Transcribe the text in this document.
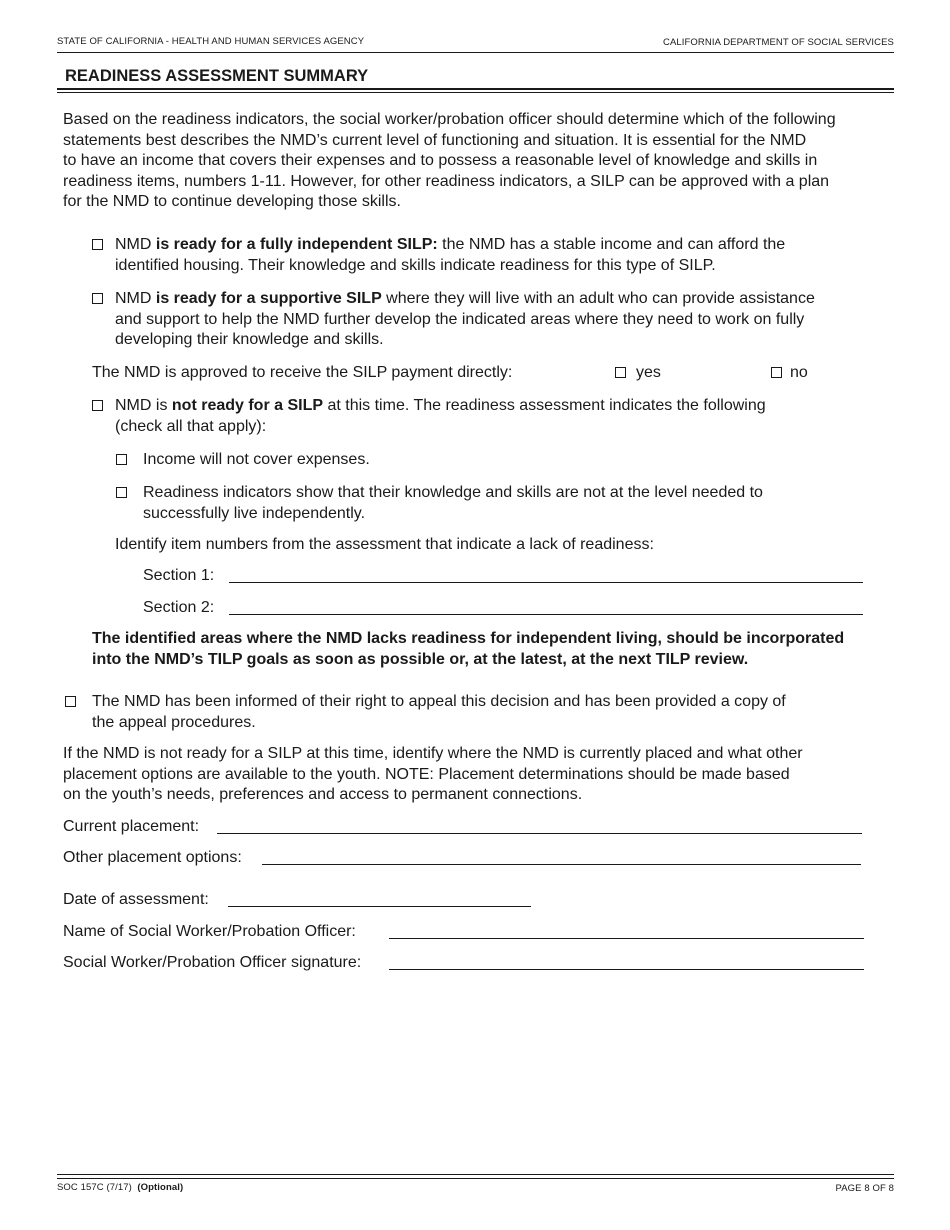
STATE OF CALIFORNIA - HEALTH AND HUMAN SERVICES AGENCY	CALIFORNIA DEPARTMENT OF SOCIAL SERVICES
READINESS ASSESSMENT SUMMARY
Based on the readiness indicators, the social worker/probation officer should determine which of the following
statements best describes the NMD’s current level of functioning and situation. It is essential for the NMD
to have an income that covers their expenses and to possess a reasonable level of knowledge and skills in
readiness items, numbers 1-11. However, for other readiness indicators, a SILP can be approved with a plan
for the NMD to continue developing those skills.
NMD is ready for a fully independent SILP: the NMD has a stable income and can afford the
identified housing. Their knowledge and skills indicate readiness for this type of SILP.
NMD is ready for a supportive SILP where they will live with an adult who can provide assistance
and support to help the NMD further develop the indicated areas where they need to work on fully
developing their knowledge and skills.
The NMD is approved to receive the SILP payment directly:	yes	no
NMD is not ready for a SILP at this time. The readiness assessment indicates the following
(check all that apply):
Income will not cover expenses.
Readiness indicators show that their knowledge and skills are not at the level needed to
successfully live independently.
Identify item numbers from the assessment that indicate a lack of readiness:
Section 1:
Section 2:
The identified areas where the NMD lacks readiness for independent living, should be incorporated
into the NMD’s TILP goals as soon as possible or, at the latest, at the next TILP review.
The NMD has been informed of their right to appeal this decision and has been provided a copy of
the appeal procedures.
If the NMD is not ready for a SILP at this time, identify where the NMD is currently placed and what other
placement options are available to the youth. NOTE: Placement determinations should be made based
on the youth’s needs, preferences and access to permanent connections.
Current placement:
Other placement options:
Date of assessment:
Name of Social Worker/Probation Officer:
Social Worker/Probation Officer signature:
SOC 157C (7/17) (Optional)	PAGE 8 OF 8
